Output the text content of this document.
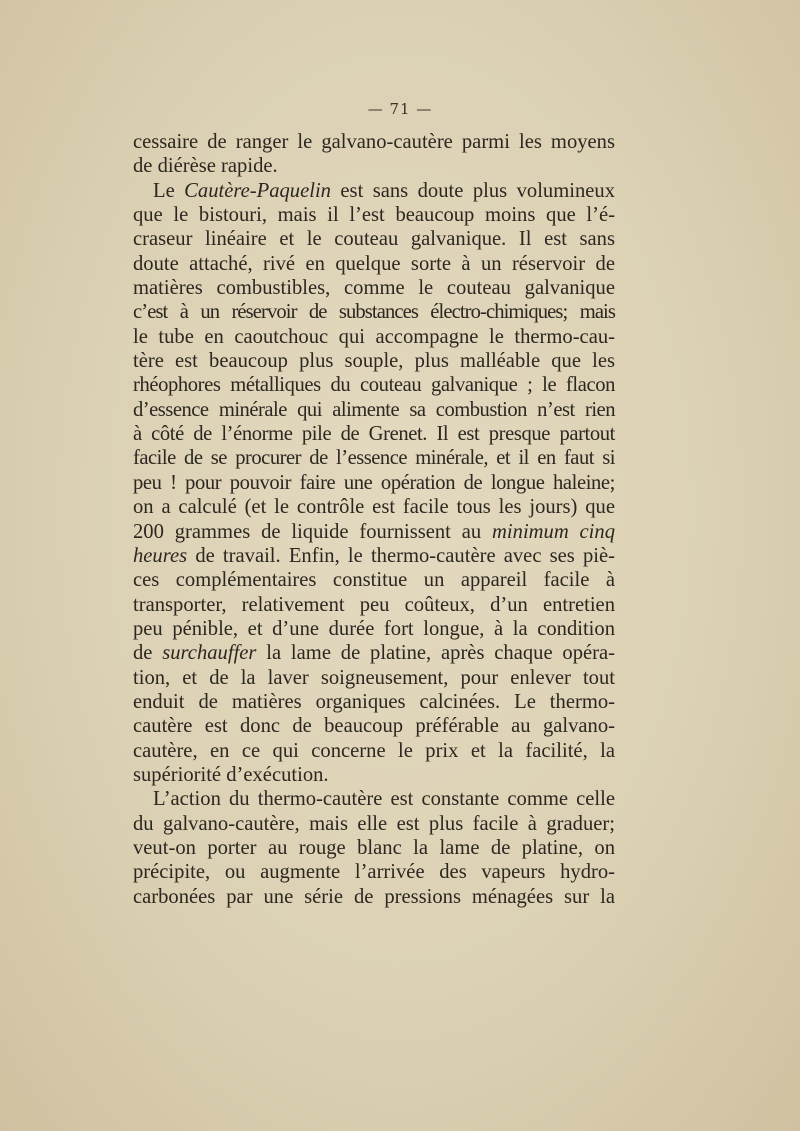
— 71 —
cessaire de ranger le galvano-cautère parmi les moyens
de diérèse rapide.
Le Cautère-Paquelin est sans doute plus volumineux
que le bistouri, mais il l’est beaucoup moins que l’é-
craseur linéaire et le couteau galvanique. Il est sans
doute attaché, rivé en quelque sorte à un réservoir de
matières combustibles, comme le couteau galvanique
c’est à un réservoir de substances électro-chimiques; mais
le tube en caoutchouc qui accompagne le thermo-cau-
tère est beaucoup plus souple, plus malléable que les
rhéophores métalliques du couteau galvanique ; le flacon
d’essence minérale qui alimente sa combustion n’est rien
à côté de l’énorme pile de Grenet. Il est presque partout
facile de se procurer de l’essence minérale, et il en faut si
peu ! pour pouvoir faire une opération de longue haleine;
on a calculé (et le contrôle est facile tous les jours) que
200 grammes de liquide fournissent au minimum cinq
heures de travail. Enfin, le thermo-cautère avec ses piè-
ces complémentaires constitue un appareil facile à
transporter, relativement peu coûteux, d’un entretien
peu pénible, et d’une durée fort longue, à la condition
de surchauffer la lame de platine, après chaque opéra-
tion, et de la laver soigneusement, pour enlever tout
enduit de matières organiques calcinées. Le thermo-
cautère est donc de beaucoup préférable au galvano-
cautère, en ce qui concerne le prix et la facilité, la
supériorité d’exécution.
L’action du thermo-cautère est constante comme celle
du galvano-cautère, mais elle est plus facile à graduer;
veut-on porter au rouge blanc la lame de platine, on
précipite, ou augmente l’arrivée des vapeurs hydro-
carbonées par une série de pressions ménagées sur la
